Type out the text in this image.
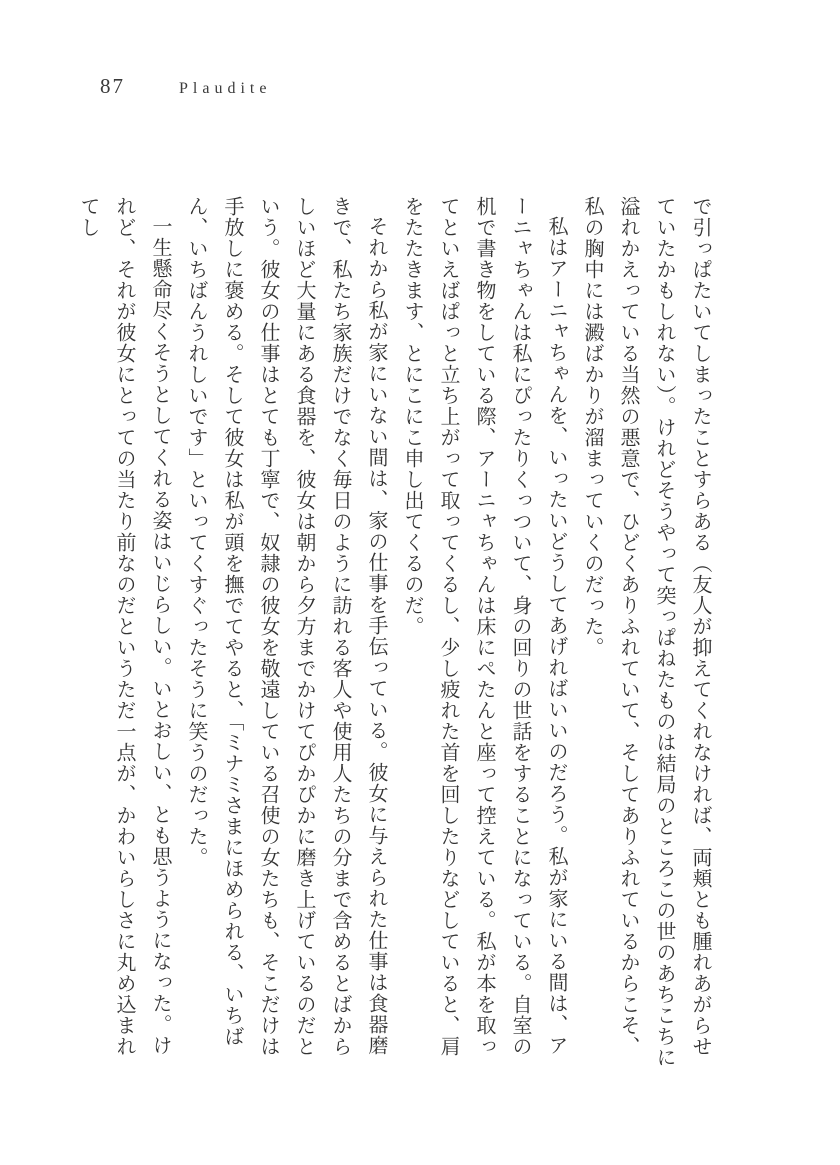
87	Plaudite

で引っぱたいてしまったことすらある（友人が抑えてくれなければ、両頬とも腫れあがらせていたかもしれない）。けれどそうやって突っぱねたものは結局のところこの世のあちこちに溢れかえっている当然の悪意で、ひどくありふれていて、そしてありふれているからこそ、私の胸中には澱ばかりが溜まっていくのだった。

私はアーニャちゃんを、いったいどうしてあげればいいのだろう。私が家にいる間は、アーニャちゃんは私にぴったりくっついて、身の回りの世話をすることになっている。自室の机で書き物をしている際、アーニャちゃんは床にぺたんと座って控えている。私が本を取ってといえばぱっと立ち上がって取ってくるし、少し疲れた首を回したりなどしていると、肩をたたきます、とにこにこ申し出てくるのだ。

それから私が家にいない間は、家の仕事を手伝っている。彼女に与えられた仕事は食器磨きで、私たち家族だけでなく毎日のように訪れる客人や使用人たちの分まで含めるとばからしいほど大量にある食器を、彼女は朝から夕方までかけてぴかぴかに磨き上げているのだという。彼女の仕事はとても丁寧で、奴隷の彼女を敬遠している召使の女たちも、そこだけは手放しに褒める。そして彼女は私が頭を撫でてやると、「ミナミさまにほめられる、いちばん、いちばんうれしいです」といってくすぐったそうに笑うのだった。

一生懸命尽くそうとしてくれる姿はいじらしい。いとおしい、とも思うようになった。けれど、それが彼女にとっての当たり前なのだというただ一点が、かわいらしさに丸め込まれてし
